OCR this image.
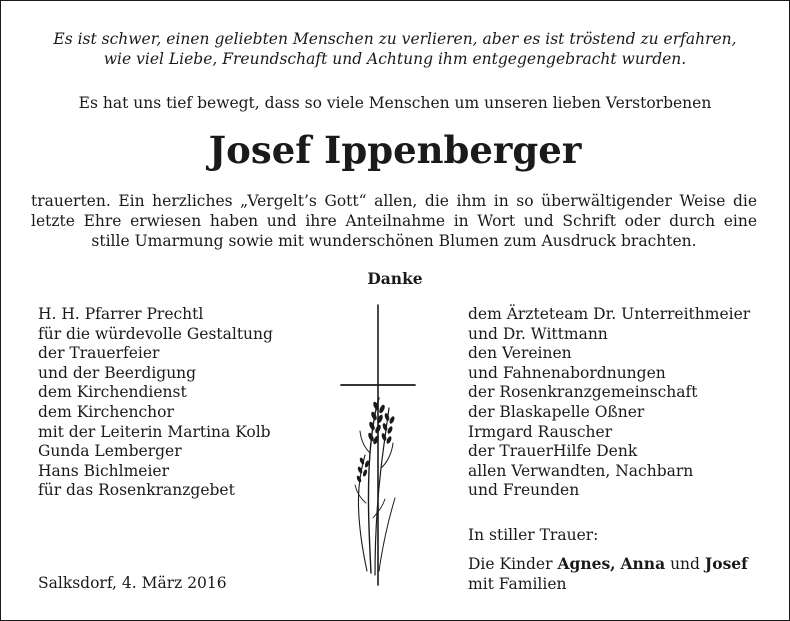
Es ist schwer, einen geliebten Menschen zu verlieren, aber es ist tröstend zu erfahren,
wie viel Liebe, Freundschaft und Achtung ihm entgegengebracht wurden.
Es hat uns tief bewegt, dass so viele Menschen um unseren lieben Verstorbenen
Josef Ippenberger
trauerten. Ein herzliches „Vergelt’s Gott“ allen, die ihm in so überwältigender Weise die
letzte Ehre erwiesen haben und ihre Anteilnahme in Wort und Schrift oder durch eine
stille Umarmung sowie mit wunderschönen Blumen zum Ausdruck brachten.
Danke
H. H. Pfarrer Prechtl
für die würdevolle Gestaltung
der Trauerfeier
und der Beerdigung
dem Kirchendienst
dem Kirchenchor
mit der Leiterin Martina Kolb
Gunda Lemberger
Hans Bichlmeier
für das Rosenkranzgebet
dem Ärzteteam Dr. Unterreithmeier
und Dr. Wittmann
den Vereinen
und Fahnenabordnungen
der Rosenkranzgemeinschaft
der Blaskapelle Oßner
Irmgard Rauscher
der TrauerHilfe Denk
allen Verwandten, Nachbarn
und Freunden
Salksdorf, 4. März 2016
In stiller Trauer:
Die Kinder Agnes, Anna und Josef
mit Familien
